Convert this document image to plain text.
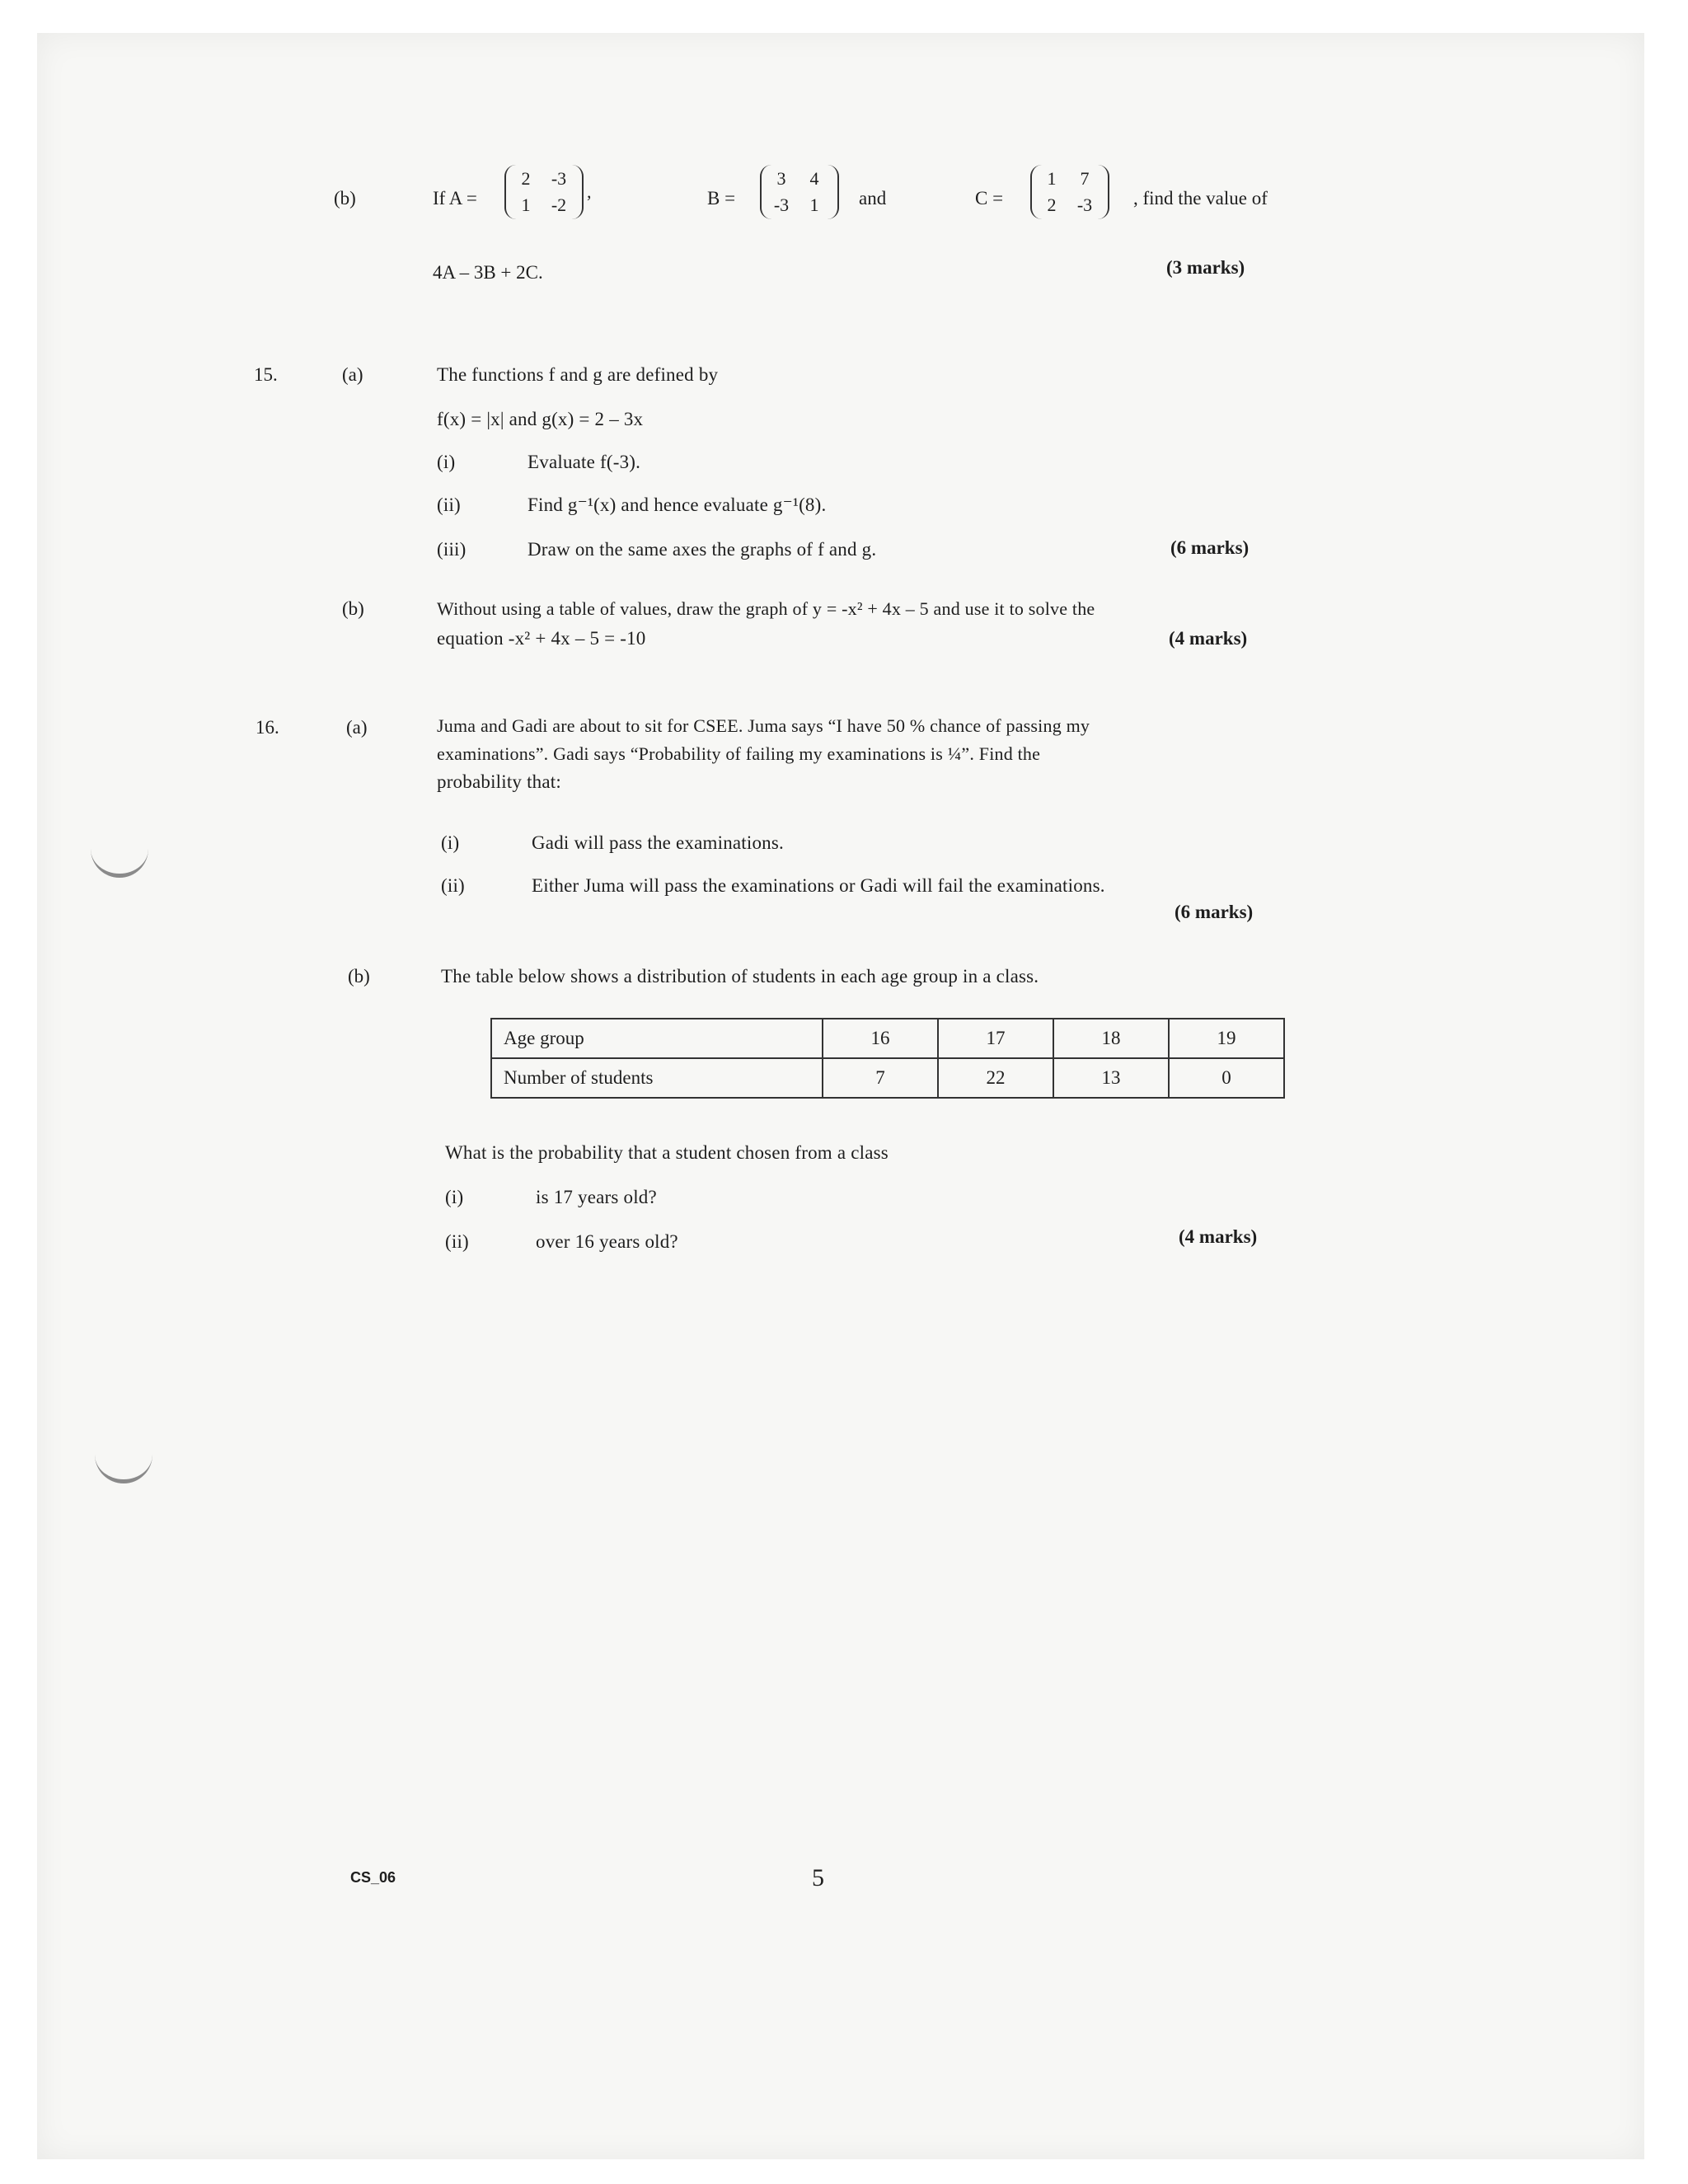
(b)	If A =
2	-3
1	-2
,	B =
3	4
-3	1	and	C =
1	7
2	-3	, find the value of
4A – 3B + 2C.	(3 marks)
15.	(a)	The functions f and g are defined by
f(x) = |x| and g(x) = 2 – 3x
(i)	Evaluate f(-3).
(ii)	Find g⁻¹(x) and hence evaluate g⁻¹(8).
(iii)	Draw on the same axes the graphs of f and g.	(6 marks)
(b)	Without using a table of values, draw the graph of y = -x² + 4x – 5 and use it to solve the
equation -x² + 4x – 5 = -10	(4 marks)
16.	(a)	Juma and Gadi are about to sit for CSEE. Juma says “I have 50 % chance of passing my
examinations”. Gadi says “Probability of failing my examinations is ¼”. Find the
probability that:
(i)	Gadi will pass the examinations.
(ii)	Either Juma will pass the examinations or Gadi will fail the examinations.
(6 marks)
(b)	The table below shows a distribution of students in each age group in a class.
Age group	16	17	18	19
Number of students	7	22	13	0
What is the probability that a student chosen from a class
(i)	is 17 years old?
(ii)	over 16 years old?	(4 marks)
CS_06	5
